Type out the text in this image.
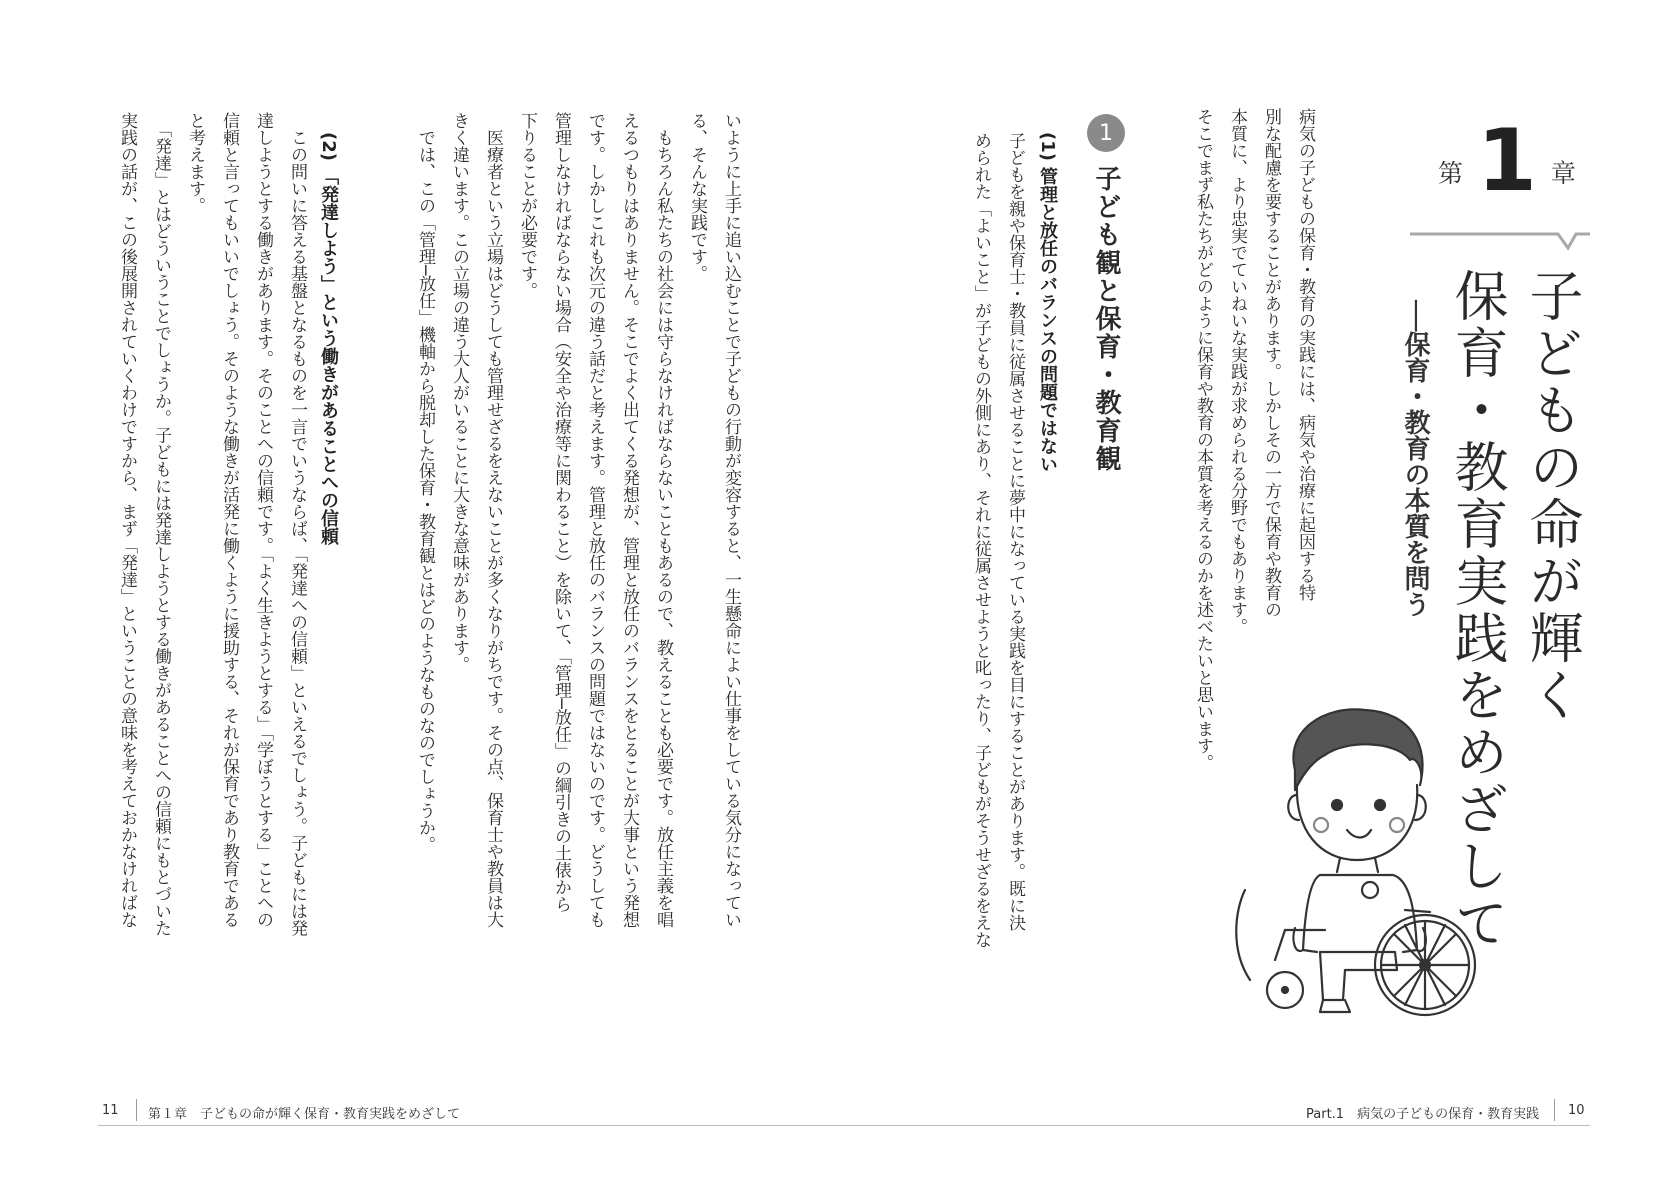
第 1 章
子どもの命が輝く
保育・教育実践をめざして
──保育・教育の本質を問う
病気の子どもの保育・教育の実践には、病気や治療に起因する特
別な配慮を要することがあります。しかしその一方で保育や教育の
本質に、より忠実でていねいな実践が求められる分野でもあります。
そこでまず私たちがどのように保育や教育の本質を考えるのかを述べたいと思います。
1
子ども観と保育・教育観
(1) 管理と放任のバランスの問題ではない
子どもを親や保育士・教員に従属させることに夢中になっている実践を目にすることがあります。既に決
められた「よいこと」が子どもの外側にあり、それに従属させようと叱ったり、子どもがそうせざるをえな
いように上手に追い込むことで子どもの行動が変容すると、一生懸命によい仕事をしている気分になってい
る、そんな実践です。
　もちろん私たちの社会には守らなければならないこともあるので、教えることも必要です。放任主義を唱
えるつもりはありません。そこでよく出てくる発想が、管理と放任のバランスをとることが大事という発想
です。しかしこれも次元の違う話だと考えます。管理と放任のバランスの問題ではないのです。どうしても
管理しなければならない場合（安全や治療等に関わること）を除いて、「管理─放任」の綱引きの土俵から
下りることが必要です。
　医療者という立場はどうしても管理せざるをえないことが多くなりがちです。その点、保育士や教員は大
きく違います。この立場の違う大人がいることに大きな意味があります。
　では、この「管理─放任」機軸から脱却した保育・教育観とはどのようなものなのでしょうか。
(2) 「発達しよう」という働きがあることへの信頼
　この問いに答える基盤となるものを一言でいうならば、「発達への信頼」といえるでしょう。子どもには発
達しようとする働きがあります。そのことへの信頼です。「よく生きようとする」「学ぼうとする」ことへの
信頼と言ってもいいでしょう。そのような働きが活発に働くように援助する、それが保育であり教育である
と考えます。
　「発達」とはどういうことでしょうか。子どもには発達しようとする働きがあることへの信頼にもとづいた
実践の話が、この後展開されていくわけですから、まず「発達」ということの意味を考えておかなければな
11 第１章　子どもの命が輝く保育・教育実践をめざして	Part.1　病気の子どもの保育・教育実践 10
